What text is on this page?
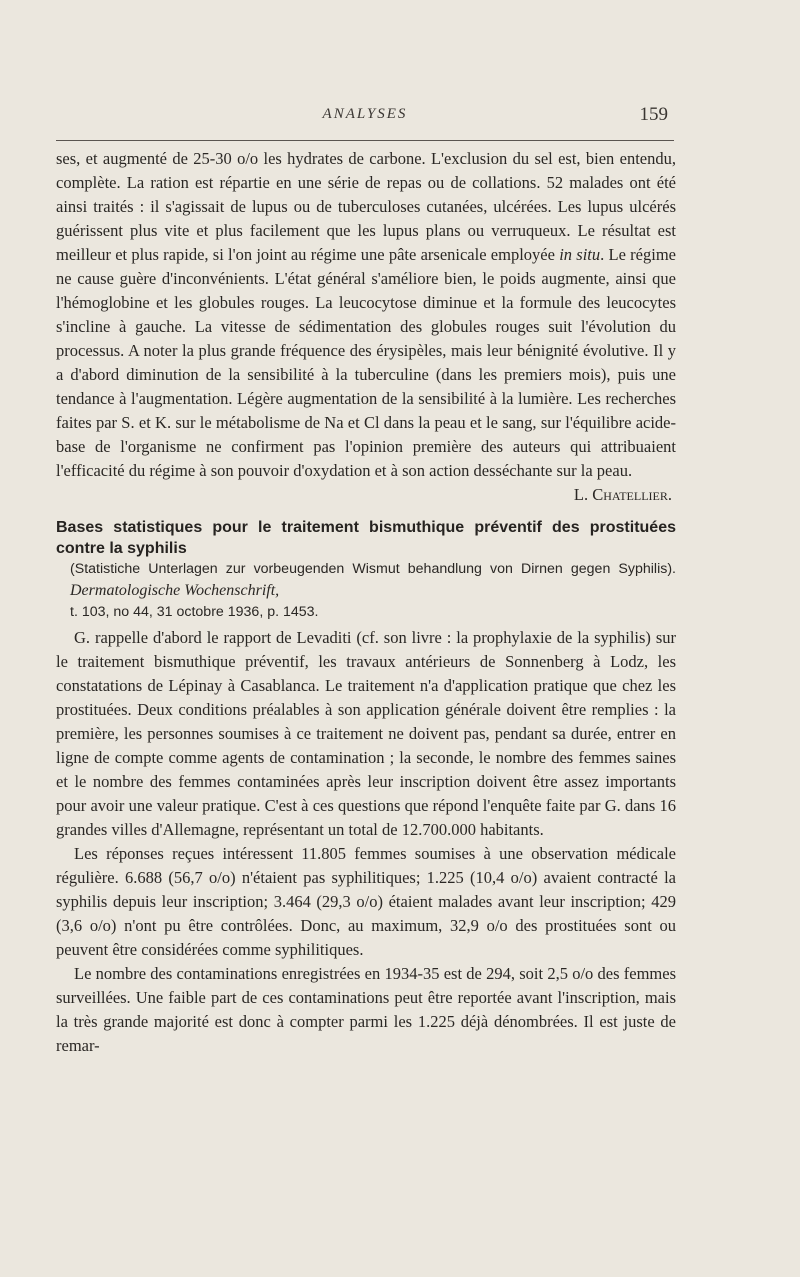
ANALYSES	159

ses, et augmenté de 25-30 o/o les hydrates de carbone. L'exclusion du sel est, bien entendu, complète. La ration est répartie en une série de repas ou de collations. 52 malades ont été ainsi traités : il s'agissait de lupus ou de tuberculoses cutanées, ulcérées. Les lupus ulcérés guérissent plus vite et plus facilement que les lupus plans ou verruqueux. Le résultat est meilleur et plus rapide, si l'on joint au régime une pâte arsenicale employée in situ. Le régime ne cause guère d'inconvénients. L'état général s'améliore bien, le poids augmente, ainsi que l'hémoglobine et les globules rouges. La leucocytose diminue et la formule des leucocytes s'incline à gauche. La vitesse de sédimentation des globules rouges suit l'évolution du processus. A noter la plus grande fréquence des érysipèles, mais leur bénignité évolutive. Il y a d'abord diminution de la sensibilité à la tuberculine (dans les premiers mois), puis une tendance à l'augmentation. Légère augmentation de la sensibilité à la lumière. Les recherches faites par S. et K. sur le métabolisme de Na et Cl dans la peau et le sang, sur l'équilibre acide-base de l'organisme ne confirment pas l'opinion première des auteurs qui attribuaient l'efficacité du régime à son pouvoir d'oxydation et à son action desséchante sur la peau.

L. Chatellier.
Bases statistiques pour le traitement bismuthique préventif des prostituées contre la syphilis
(Statistiche Unterlagen zur vorbeugenden Wismut behandlung von Dirnen gegen Syphilis). Dermatologische Wochenschrift,
t. 103, no 44, 31 octobre 1936, p. 1453.

G. rappelle d'abord le rapport de Levaditi (cf. son livre : la prophylaxie de la syphilis) sur le traitement bismuthique préventif, les travaux antérieurs de Sonnenberg à Lodz, les constatations de Lépinay à Casablanca. Le traitement n'a d'application pratique que chez les prostituées. Deux conditions préalables à son application générale doivent être remplies : la première, les personnes soumises à ce traitement ne doivent pas, pendant sa durée, entrer en ligne de compte comme agents de contamination ; la seconde, le nombre des femmes saines et le nombre des femmes contaminées après leur inscription doivent être assez importants pour avoir une valeur pratique. C'est à ces questions que répond l'enquête faite par G. dans 16 grandes villes d'Allemagne, représentant un total de 12.700.000 habitants.

Les réponses reçues intéressent 11.805 femmes soumises à une observation médicale régulière. 6.688 (56,7 o/o) n'étaient pas syphilitiques; 1.225 (10,4 o/o) avaient contracté la syphilis depuis leur inscription; 3.464 (29,3 o/o) étaient malades avant leur inscription; 429 (3,6 o/o) n'ont pu être contrôlées. Donc, au maximum, 32,9 o/o des prostituées sont ou peuvent être considérées comme syphilitiques.

Le nombre des contaminations enregistrées en 1934-35 est de 294, soit 2,5 o/o des femmes surveillées. Une faible part de ces contaminations peut être reportée avant l'inscription, mais la très grande majorité est donc à compter parmi les 1.225 déjà dénombrées. Il est juste de remar-
